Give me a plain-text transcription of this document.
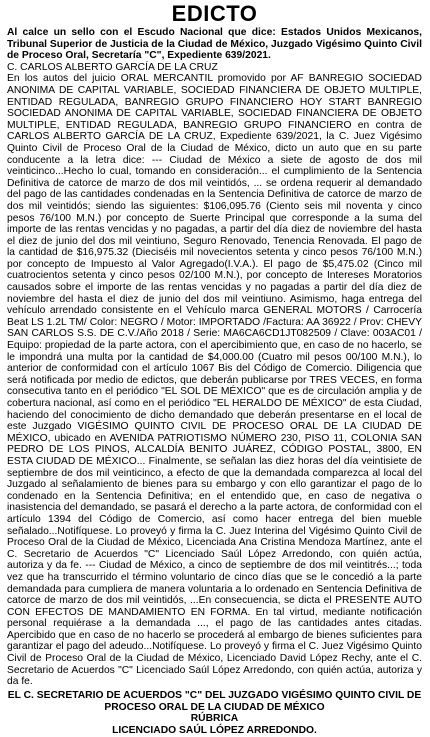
EDICTO

Al calce un sello con el Escudo Nacional que dice: Estados Unidos Mexicanos, Tribunal Superior de Justicia de la Ciudad de México, Juzgado Vigésimo Quinto Civil de Proceso Oral, Secretaría "C", Expediente 639/2021.

C. CARLOS ALBERTO GARCÍA DE LA CRUZ

En los autos del juicio ORAL MERCANTIL promovido por AF BANREGIO SOCIEDAD ANONIMA DE CAPITAL VARIABLE, SOCIEDAD FINANCIERA DE OBJETO MULTIPLE, ENTIDAD REGULADA, BANREGIO GRUPO FINANCIERO HOY START BANREGIO SOCIEDAD ANONIMA DE CAPITAL VARIABLE, SOCIEDAD FINANCIERA DE OBJETO MULTIPLE, ENTIDAD REGULADA, BANREGIO GRUPO FINANCIERO en contra de CARLOS ALBERTO GARCÍA DE LA CRUZ, Expediente 639/2021, la C. Juez Vigésimo Quinto Civil de Proceso Oral de la Ciudad de México, dicto un auto que en su parte conducente a la letra dice: --- Ciudad de México a siete de agosto de dos mil veinticinco...Hecho lo cual, tomando en consideración... el cumplimiento de la Sentencia Definitiva de catorce de marzo de dos mil veintidós, ... se ordena requerir al demandado del pago de las cantidades condenadas en la Sentencia Definitiva de catorce de marzo de dos mil veintidós; siendo las siguientes: $106,095.76 (Ciento seis mil noventa y cinco pesos 76/100 M.N.) por concepto de Suerte Principal que corresponde a la suma del importe de las rentas vencidas y no pagadas, a partir del día diez de noviembre del hasta el diez de junio del dos mil veintiuno, Seguro Renovado, Tenencia Renovada. El pago de la cantidad de $16,975.32 (Dieciséis mil novecientos setenta y cinco pesos 76/100 M.N.) por concepto de Impuesto al Valor Agregado(I.V.A.). El pago de $5,475.02 (Cinco mil cuatrocientos setenta y cinco pesos 02/100 M.N.), por concepto de Intereses Moratorios causados sobre el importe de las rentas vencidas y no pagadas a partir del día diez de noviembre del hasta el diez de junio del dos mil veintiuno. Asimismo, haga entrega del vehículo arrendado consistente en el Vehículo marca GENERAL MOTORS / Carrocería Beat LS 1.2L TM/ Color: NEGRO / Motor: IMPORTADO /Factura: AA 36922 / Prov: CHEVY SAN CARLOS S.S. DE C.V./Año 2018 / Serie: MA6CA6CD1JT082509 / Clave: 003AC01 / Equipo: propiedad de la parte actora, con el apercibimiento que, en caso de no hacerlo, se le impondrá una multa por la cantidad de $4,000.00 (Cuatro mil pesos 00/100 M.N.), lo anterior de conformidad con el artículo 1067 Bis del Código de Comercio. Diligencia que será notificada por medio de edictos, que deberán publicarse por TRES VECES, en forma consecutiva tanto en el periódico "EL SOL DE MÉXICO" que es de circulación amplia y de cobertura nacional, así como en el periódico "EL HERALDO DE MÉXICO" de esta Ciudad, haciendo del conocimiento de dicho demandado que deberán presentarse en el local de este Juzgado VIGÉSIMO QUINTO CIVIL DE PROCESO ORAL DE LA CIUDAD DE MÉXICO, ubicado en AVENIDA PATRIOTISMO NÚMERO 230, PISO 11, COLONIA SAN PEDRO DE LOS PINOS, ALCALDÍA BENITO JUÁREZ, CÓDIGO POSTAL, 3800, EN ESTA CIUDAD DE MÉXICO... Finalmente, se señalan las diez horas del día veintisiete de septiembre de dos mil veinticinco, a efecto de que la demandada comparezca al local del Juzgado al señalamiento de bienes para su embargo y con ello garantizar el pago de lo condenado en la Sentencia Definitiva; en el entendido que, en caso de negativa o inasistencia del demandado, se pasará el derecho a la parte actora, de conformidad con el artículo 1394 del Código de Comercio, así como hacer entrega del bien mueble señalado...Notifíquese. Lo proveyó y firma la C. Juez Interina del Vigésimo Quinto Civil de Proceso Oral de la Ciudad de México, Licenciada Ana Cristina Mendoza Martínez, ante el C. Secretario de Acuerdos "C" Licenciado Saúl López Arredondo, con quién actúa, autoriza y da fe. --- Ciudad de México, a cinco de septiembre de dos mil veintitrés...; toda vez que ha transcurrido el término voluntario de cinco días que se le concedió a la parte demandada para cumpliera de manera voluntaria a lo ordenado en Sentencia Definitiva de catorce de marzo de dos mil veintidós, ...En consecuencia, se dicta el PRESENTE AUTO CON EFECTOS DE MANDAMIENTO EN FORMA. En tal virtud, mediante notificación personal requiérase a la demandada ..., el pago de las cantidades antes citadas. Apercibido que en caso de no hacerlo se procederá al embargo de bienes suficientes para garantizar el pago del adeudo...Notifíquese. Lo proveyó y firma el C. Juez Vigésimo Quinto Civil de Proceso Oral de la Ciudad de México, Licenciado David López Rechy, ante el C. Secretario de Acuerdos "C" Licenciado Saúl López Arredondo, con quién actúa, autoriza y da fe.

EL C. SECRETARIO DE ACUERDOS "C" DEL JUZGADO VIGÉSIMO QUINTO CIVIL DE PROCESO ORAL DE LA CIUDAD DE MÉXICO
RÚBRICA
LICENCIADO SAÚL LÓPEZ ARREDONDO.
